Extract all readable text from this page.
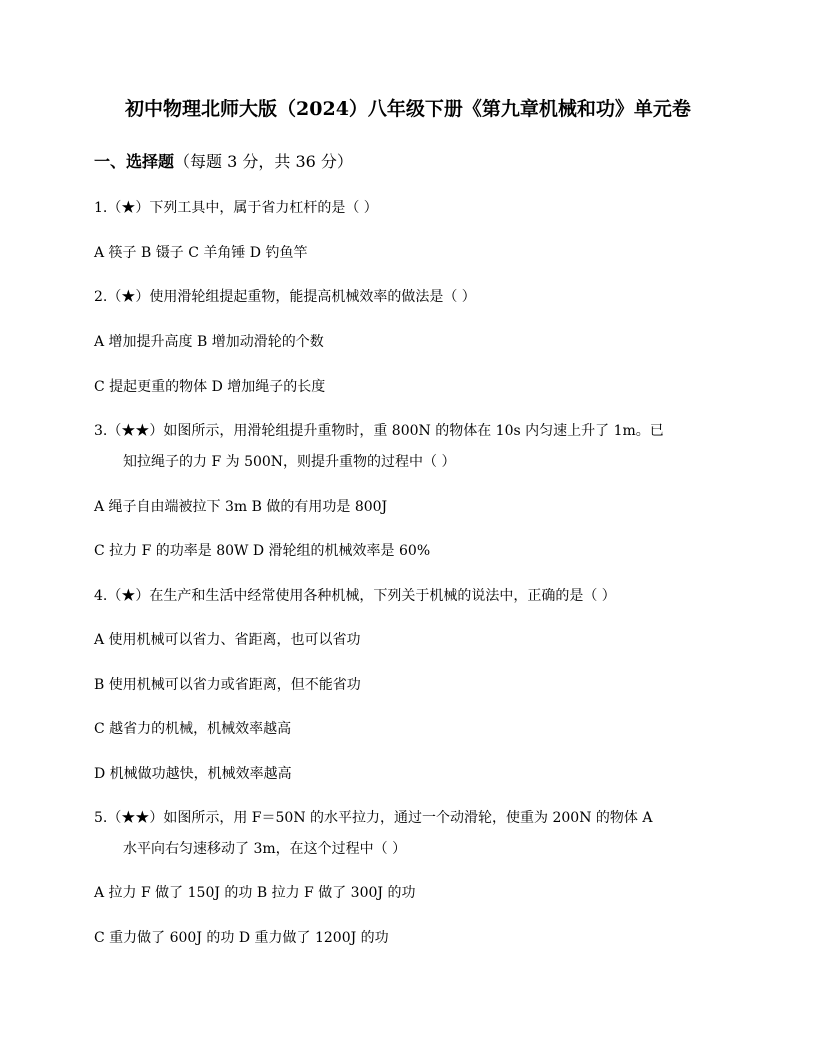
初中物理北师大版（2024）八年级下册《第九章机械和功》单元卷
一、选择题（每题 3 分，共 36 分）
1.（★）下列工具中，属于省力杠杆的是（ ）
A 筷子 B 镊子 C 羊角锤 D 钓鱼竿
2.（★）使用滑轮组提起重物，能提高机械效率的做法是（ ）
A 增加提升高度 B 增加动滑轮的个数
C 提起更重的物体 D 增加绳子的长度
3.（★★）如图所示，用滑轮组提升重物时，重 800N 的物体在 10s 内匀速上升了 1m。已
知拉绳子的力 F 为 500N，则提升重物的过程中（ ）
A 绳子自由端被拉下 3m B 做的有用功是 800J
C 拉力 F 的功率是 80W D 滑轮组的机械效率是 60%
4.（★）在生产和生活中经常使用各种机械，下列关于机械的说法中，正确的是（ ）
A 使用机械可以省力、省距离，也可以省功
B 使用机械可以省力或省距离，但不能省功
C 越省力的机械，机械效率越高
D 机械做功越快，机械效率越高
5.（★★）如图所示，用 F＝50N 的水平拉力，通过一个动滑轮，使重为 200N 的物体 A
水平向右匀速移动了 3m，在这个过程中（ ）
A 拉力 F 做了 150J 的功 B 拉力 F 做了 300J 的功
C 重力做了 600J 的功 D 重力做了 1200J 的功
